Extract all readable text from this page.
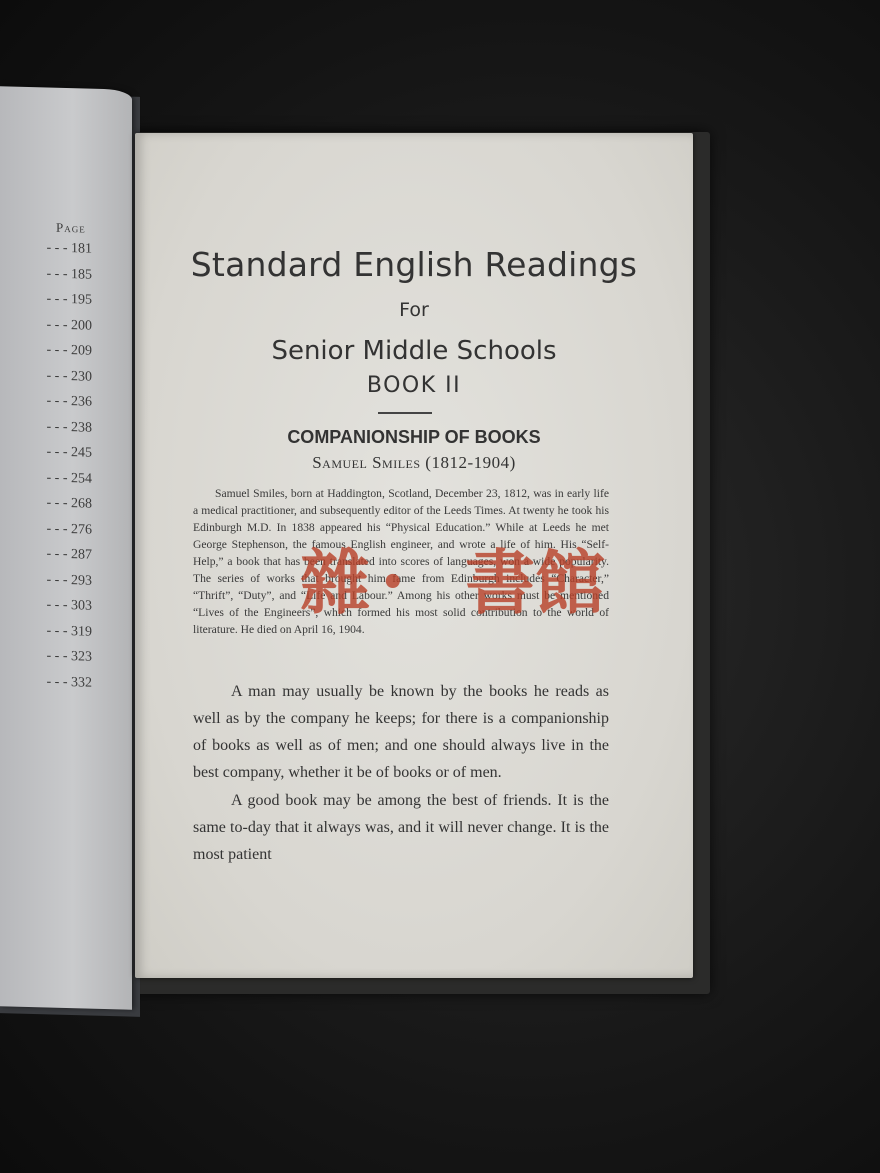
Page
- - - 181
- - - 185
- - - 195
- - - 200
- - - 209
- - - 230
- - - 236
- - - 238
- - - 245
- - - 254
- - - 268
- - - 276
- - - 287
- - - 293
- - - 303
- - - 319
- - - 323
- - - 332
Standard English Readings
For
Senior Middle Schools
BOOK II
COMPANIONSHIP OF BOOKS
Samuel Smiles (1812-1904)

Samuel Smiles, born at Haddington, Scotland, December 23, 1812, was in early life a medical practitioner, and subsequently editor of the Leeds Times. At twenty he took his Edinburgh M.D. In 1838 appeared his “Physical Education.” While at Leeds he met George Stephenson, the famous English engineer, and wrote a life of him. His “Self-Help,” a book that has been translated into scores of languages, won a wide popularity. The series of works that brought him fame from Edinburgh includes “Character,” “Thrift”, “Duty”, and “Life and Labour.” Among his other works must be mentioned “Lives of the Engineers”, which formed his most solid contribution to the world of literature. He died on April 16, 1904.

A man may usually be known by the books he reads as well as by the company he keeps; for there is a companionship of books as well as of men; and one should always live in the best company, whether it be of books or of men.

A good book may be among the best of friends. It is the same to-day that it always was, and it will never change. It is the most patient

雜 • 書 館
